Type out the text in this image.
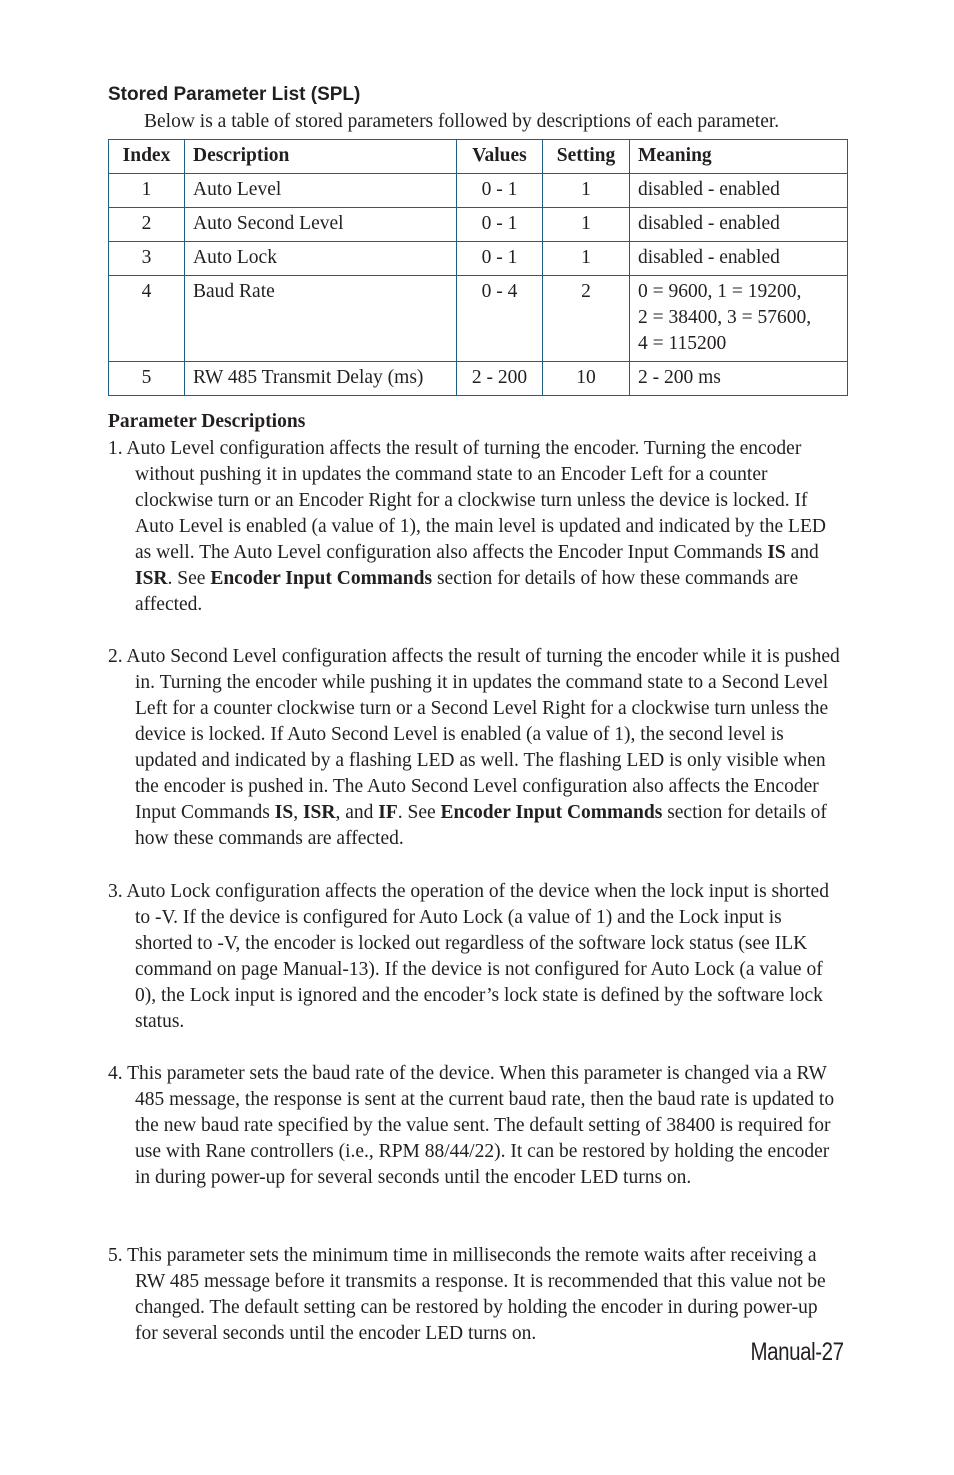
Stored Parameter List (SPL)
Below is a table of stored parameters followed by descriptions of each parameter.
Index	Description	Values	Setting	Meaning
1	Auto Level	0 - 1	1	disabled - enabled
2	Auto Second Level	0 - 1	1	disabled - enabled
3	Auto Lock	0 - 1	1	disabled - enabled
4	Baud Rate	0 - 4	2	0 = 9600, 1 = 19200,
2 = 38400, 3 = 57600,
4 = 115200

5	RW 485 Transmit Delay (ms)	2 - 200	10	2 - 200 ms
Parameter Descriptions
1. Auto Level configuration affects the result of turning the encoder. Turning the encoder without pushing it in updates the command state to an Encoder Left for a counter clockwise turn or an Encoder Right for a clockwise turn unless the device is locked. If Auto Level is enabled (a value of 1), the main level is updated and indicated by the LED as well. The Auto Level configuration also affects the Encoder Input Commands IS and ISR. See Encoder Input Commands section for details of how these commands are affected.
2. Auto Second Level configuration affects the result of turning the encoder while it is pushed in. Turning the encoder while pushing it in updates the command state to a Second Level Left for a counter clockwise turn or a Second Level Right for a clockwise turn unless the device is locked. If Auto Second Level is enabled (a value of 1), the second level is updated and indicated by a flashing LED as well. The flashing LED is only visible when the encoder is pushed in. The Auto Second Level configuration also affects the Encoder Input Commands IS, ISR, and IF. See Encoder Input Commands section for details of how these commands are affected.
3. Auto Lock configuration affects the operation of the device when the lock input is shorted to -V. If the device is configured for Auto Lock (a value of 1) and the Lock input is shorted to -V, the encoder is locked out regardless of the software lock status (see ILK command on page Manual-13). If the device is not configured for Auto Lock (a value of 0), the Lock input is ignored and the encoder’s lock state is defined by the software lock status.
4. This parameter sets the baud rate of the device. When this parameter is changed via a RW 485 message, the response is sent at the current baud rate, then the baud rate is updated to the new baud rate specified by the value sent. The default setting of 38400 is required for use with Rane controllers (i.e., RPM 88/44/22). It can be restored by holding the encoder in during power-up for several seconds until the encoder LED turns on.
5. This parameter sets the minimum time in milliseconds the remote waits after receiving a RW 485 message before it transmits a response. It is recommended that this value not be changed. The default setting can be restored by holding the encoder in during power-up for several seconds until the encoder LED turns on.
Manual-27
